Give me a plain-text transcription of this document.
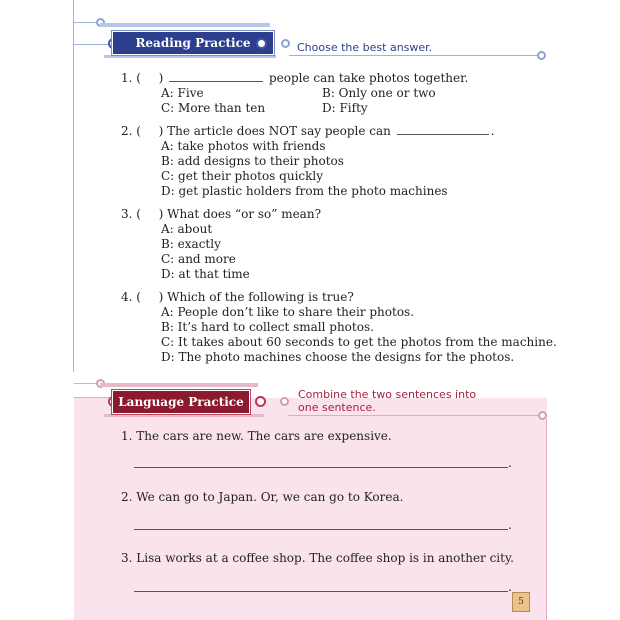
Reading Practice	Choose the best answer.
1. ( )	people can take photos together.
A: Five	B: Only one or two
C: More than ten	D: Fifty
2. ( ) The article does NOT say people can	.
A: take photos with friends
B: add designs to their photos
C: get their photos quickly
D: get plastic holders from the photo machines
3. ( ) What does “or so” mean?
A: about
B: exactly
C: and more
D: at that time
4. ( ) Which of the following is true?
A: People don’t like to share their photos.
B: It’s hard to collect small photos.
C: It takes about 60 seconds to get the photos from the machine.
D: The photo machines choose the designs for the photos.
Language Practice
Combine the two sentences into
one sentence.
1. The cars are new. The cars are expensive.
.
2. We can go to Japan. Or, we can go to Korea.
.
3. Lisa works at a coffee shop. The coffee shop is in another city.
.
5
